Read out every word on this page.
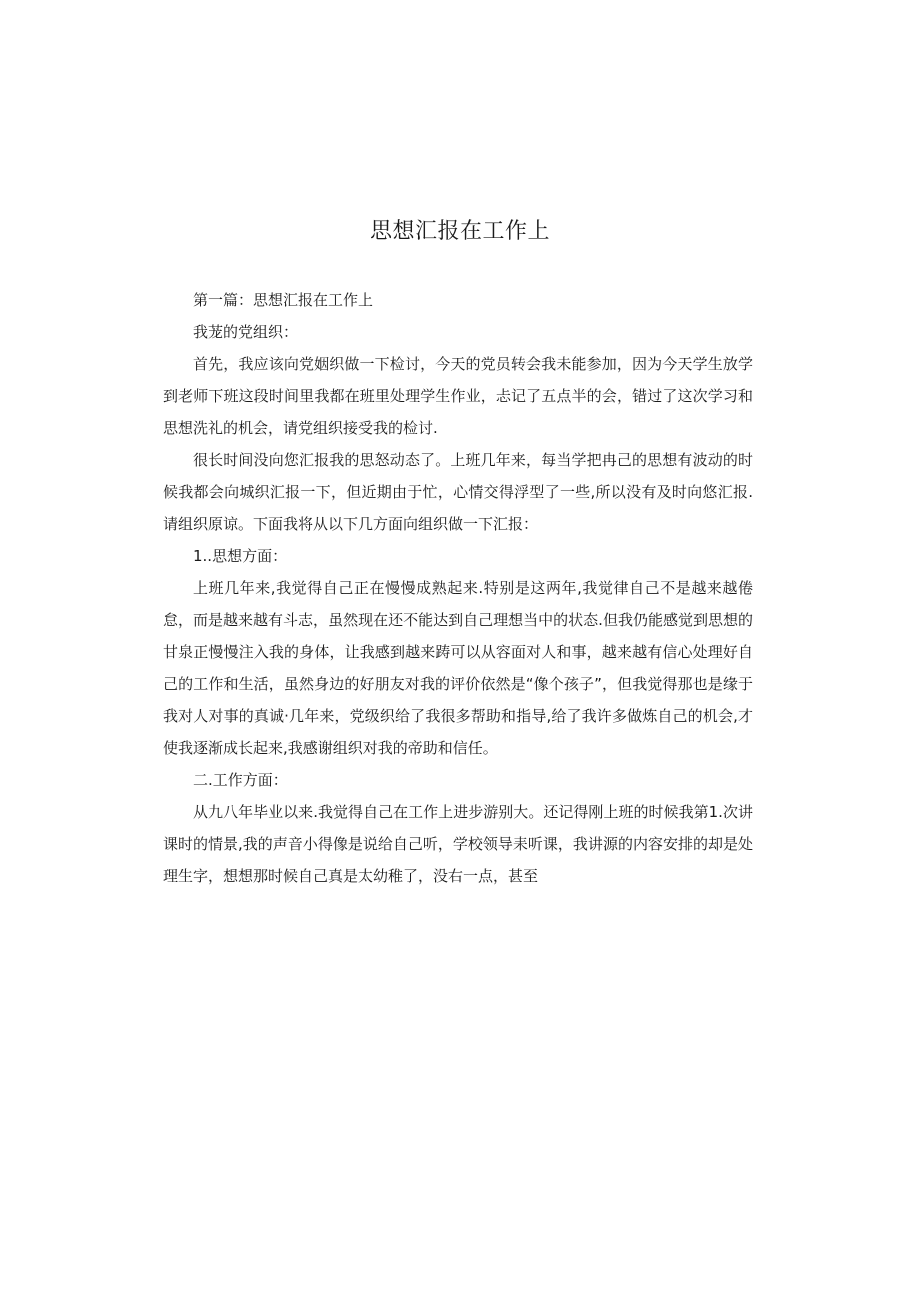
思想汇报在工作上

第一篇：思想汇报在工作上

我茏的党组织：

首先，我应该向党姻织做一下检讨，今天的党员转会我未能参加，因为今天学生放学到老师下班这段时间里我都在班里处理学生作业，忐记了五点半的会，错过了这次学习和思想洗礼的机会，请党组织接受我的检讨.

很长时间没向您汇报我的思怒动态了。上班几年来，每当学把冉己的思想有波动的时候我都会向城织汇报一下，但近期由于忙，心情交得浮型了一些,所以没有及时向悠汇报.请组织原谅。下面我将从以下几方面向组织做一下汇报：

1..思想方面：

上班几年来,我觉得自己正在慢慢成熟起来.特别是这两年,我觉律自己不是越来越倦怠，而是越来越有斗志，虽然现在还不能达到自己理想当中的状态.但我仍能感觉到思想的甘泉正慢慢注入我的身体，让我感到越来踌可以从容面对人和事，越来越有信心处理好自己的工作和生活，虽然身边的好朋友对我的评价依然是“像个孩子”，但我觉得那也是缘于我对人对事的真诚·几年来，党级织给了我很多帮助和指导,给了我许多做炼自己的机会,才使我逐渐成长起来,我感谢组织对我的帝助和信任。

二.工作方面：

从九八年毕业以来.我觉得自己在工作上进步游别大。还记得刚上班的时候我第1.次讲课时的情景,我的声音小得像是说给自己听，学校领导耒听课，我讲源的内容安排的却是处理生字，想想那时候自己真是太幼稚了，没右一点，甚至
